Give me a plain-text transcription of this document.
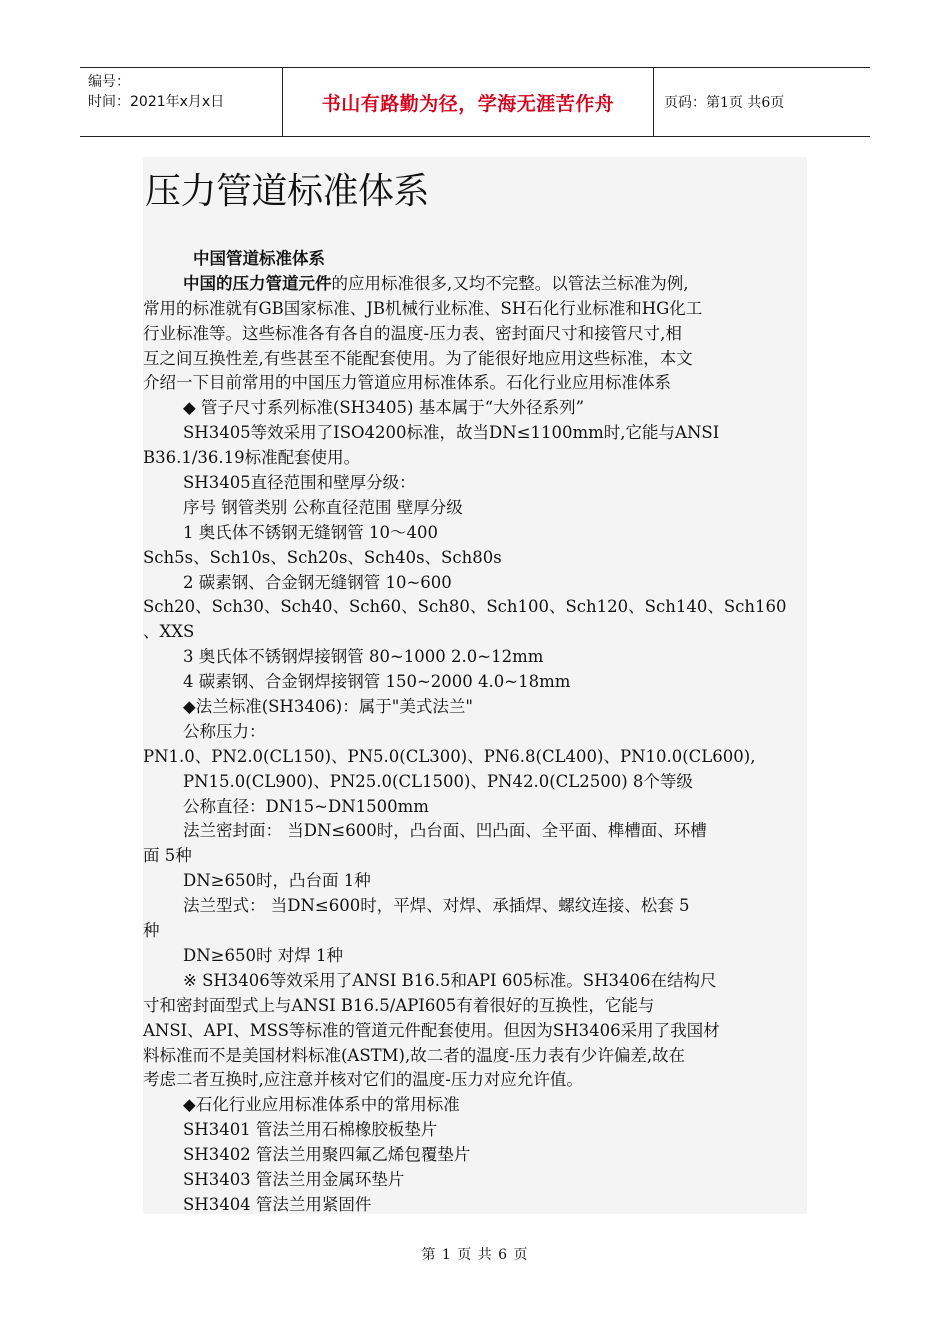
编号：
时间：2021年x月x日	书山有路勤为径，学海无涯苦作舟	页码：第1页 共6页
压力管道标准体系
中国管道标准体系
中国的压力管道元件的应用标准很多,又均不完整。以管法兰标准为例,
常用的标准就有GB国家标准、JB机械行业标准、SH石化行业标准和HG化工
行业标准等。这些标准各有各自的温度-压力表、密封面尺寸和接管尺寸,相
互之间互换性差,有些甚至不能配套使用。为了能很好地应用这些标准，本文
介绍一下目前常用的中国压力管道应用标准体系。石化行业应用标准体系
◆ 管子尺寸系列标准(SH3405) 基本属于“大外径系列”
SH3405等效采用了ISO4200标准，故当DN≤1100mm时,它能与ANSI
B36.1/36.19标准配套使用。
SH3405直径范围和壁厚分级：
序号 钢管类别 公称直径范围 壁厚分级
1 奥氏体不锈钢无缝钢管 10～400
Sch5s、Sch10s、Sch20s、Sch40s、Sch80s
2 碳素钢、合金钢无缝钢管 10~600
Sch20、Sch30、Sch40、Sch60、Sch80、Sch100、Sch120、Sch140、Sch160
、XXS
3 奥氏体不锈钢焊接钢管 80~1000 2.0~12mm
4 碳素钢、合金钢焊接钢管 150~2000 4.0~18mm
◆法兰标准(SH3406)：属于"美式法兰"
公称压力：
PN1.0、PN2.0(CL150)、PN5.0(CL300)、PN6.8(CL400)、PN10.0(CL600),
PN15.0(CL900)、PN25.0(CL1500)、PN42.0(CL2500) 8个等级
公称直径：DN15~DN1500mm
法兰密封面： 当DN≤600时，凸台面、凹凸面、全平面、榫槽面、环槽
面 5种
DN≥650时，凸台面 1种
法兰型式： 当DN≤600时，平焊、对焊、承插焊、螺纹连接、松套 5
种
DN≥650时 对焊 1种
※ SH3406等效采用了ANSI B16.5和API 605标准。SH3406在结构尺
寸和密封面型式上与ANSI B16.5/API605有着很好的互换性，它能与
ANSI、API、MSS等标准的管道元件配套使用。但因为SH3406采用了我国材
料标准而不是美国材料标准(ASTM),故二者的温度-压力表有少许偏差,故在
考虑二者互换时,应注意并核对它们的温度-压力对应允许值。
◆石化行业应用标准体系中的常用标准
SH3401 管法兰用石棉橡胶板垫片
SH3402 管法兰用聚四氟乙烯包覆垫片
SH3403 管法兰用金属环垫片
SH3404 管法兰用紧固件
第 1 页 共 6 页
